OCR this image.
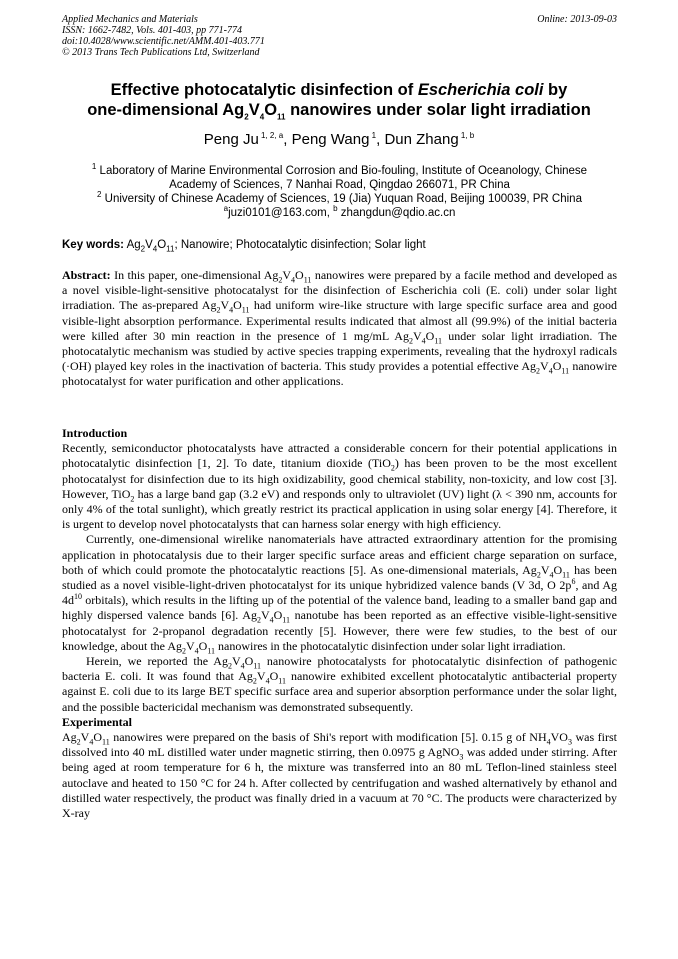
Applied Mechanics and Materials
ISSN: 1662-7482, Vols. 401-403, pp 771-774
doi:10.4028/www.scientific.net/AMM.401-403.771
© 2013 Trans Tech Publications Ltd, Switzerland
Online: 2013-09-03
Effective photocatalytic disinfection of Escherichia coli by
one-dimensional $Ag_2V_4O_{11}$ nanowires under solar light irradiation
Peng Ju $^{1, 2, a}$, Peng Wang $^1$, Dun Zhang $^{1, b}$
$^1$ Laboratory of Marine Environmental Corrosion and Bio-fouling, Institute of Oceanology, Chinese
Academy of Sciences, 7 Nanhai Road, Qingdao 266071, PR China
$^2$ University of Chinese Academy of Sciences, 19 (Jia) Yuquan Road, Beijing 100039, PR China
$^a$juzi0101@163.com, $^b$ zhangdun@qdio.ac.cn
Key words: $Ag_2V_4O_{11}$; Nanowire; Photocatalytic disinfection; Solar light

Abstract: In this paper, one-dimensional $Ag_2V_4O_{11}$ nanowires were prepared by a facile method and developed as a novel visible-light-sensitive photocatalyst for the disinfection of Escherichia coli (E. coli) under solar light irradiation. The as-prepared $Ag_2V_4O_{11}$ had uniform wire-like structure with large specific surface area and good visible-light absorption performance. Experimental results indicated that almost all (99.9%) of the initial bacteria were killed after 30 min reaction in the presence of 1 mg/mL $Ag_2V_4O_{11}$ under solar light irradiation. The photocatalytic mechanism was studied by active species trapping experiments, revealing that the hydroxyl radicals (·OH) played key roles in the inactivation of bacteria. This study provides a potential effective $Ag_2V_4O_{11}$ nanowire photocatalyst for water purification and other applications.

Introduction

Recently, semiconductor photocatalysts have attracted a considerable concern for their potential applications in photocatalytic disinfection [1, 2]. To date, titanium dioxide (TiO$_2$) has been proven to be the most excellent photocatalyst for disinfection due to its high oxidizability, good chemical stability, non-toxicity, and low cost [3]. However, TiO$_2$ has a large band gap (3.2 eV) and responds only to ultraviolet (UV) light (λ < 390 nm, accounts for only 4% of the total sunlight), which greatly restrict its practical application in using solar energy [4]. Therefore, it is urgent to develop novel photocatalysts that can harness solar energy with high efficiency.

Currently, one-dimensional wirelike nanomaterials have attracted extraordinary attention for the promising application in photocatalysis due to their larger specific surface areas and efficient charge separation on surface, both of which could promote the photocatalytic reactions [5]. As one-dimensional materials, $Ag_2V_4O_{11}$ has been studied as a novel visible-light-driven photocatalyst for its unique hybridized valence bands (V 3d, O $2p^6$, and Ag $4d^{10}$ orbitals), which results in the lifting up of the potential of the valence band, leading to a smaller band gap and highly dispersed valence bands [6]. $Ag_2V_4O_{11}$ nanotube has been reported as an effective visible-light-sensitive photocatalyst for 2-propanol degradation recently [5]. However, there were few studies, to the best of our knowledge, about the $Ag_2V_4O_{11}$ nanowires in the photocatalytic disinfection under solar light irradiation.

Herein, we reported the $Ag_2V_4O_{11}$ nanowire photocatalysts for photocatalytic disinfection of pathogenic bacteria E. coli. It was found that $Ag_2V_4O_{11}$ nanowire exhibited excellent photocatalytic antibacterial property against E. coli due to its large BET specific surface area and superior absorption performance under the solar light, and the possible bactericidal mechanism was demonstrated subsequently.

Experimental

$Ag_2V_4O_{11}$ nanowires were prepared on the basis of Shi's report with modification [5]. 0.15 g of $NH_4VO_3$ was first dissolved into 40 mL distilled water under magnetic stirring, then 0.0975 g AgNO$_3$ was added under stirring. After being aged at room temperature for 6 h, the mixture was transferred into an 80 mL Teflon-lined stainless steel autoclave and heated to 150 °C for 24 h. After collected by centrifugation and washed alternatively by ethanol and distilled water respectively, the product was finally dried in a vacuum at 70 °C. The products were characterized by X-ray
